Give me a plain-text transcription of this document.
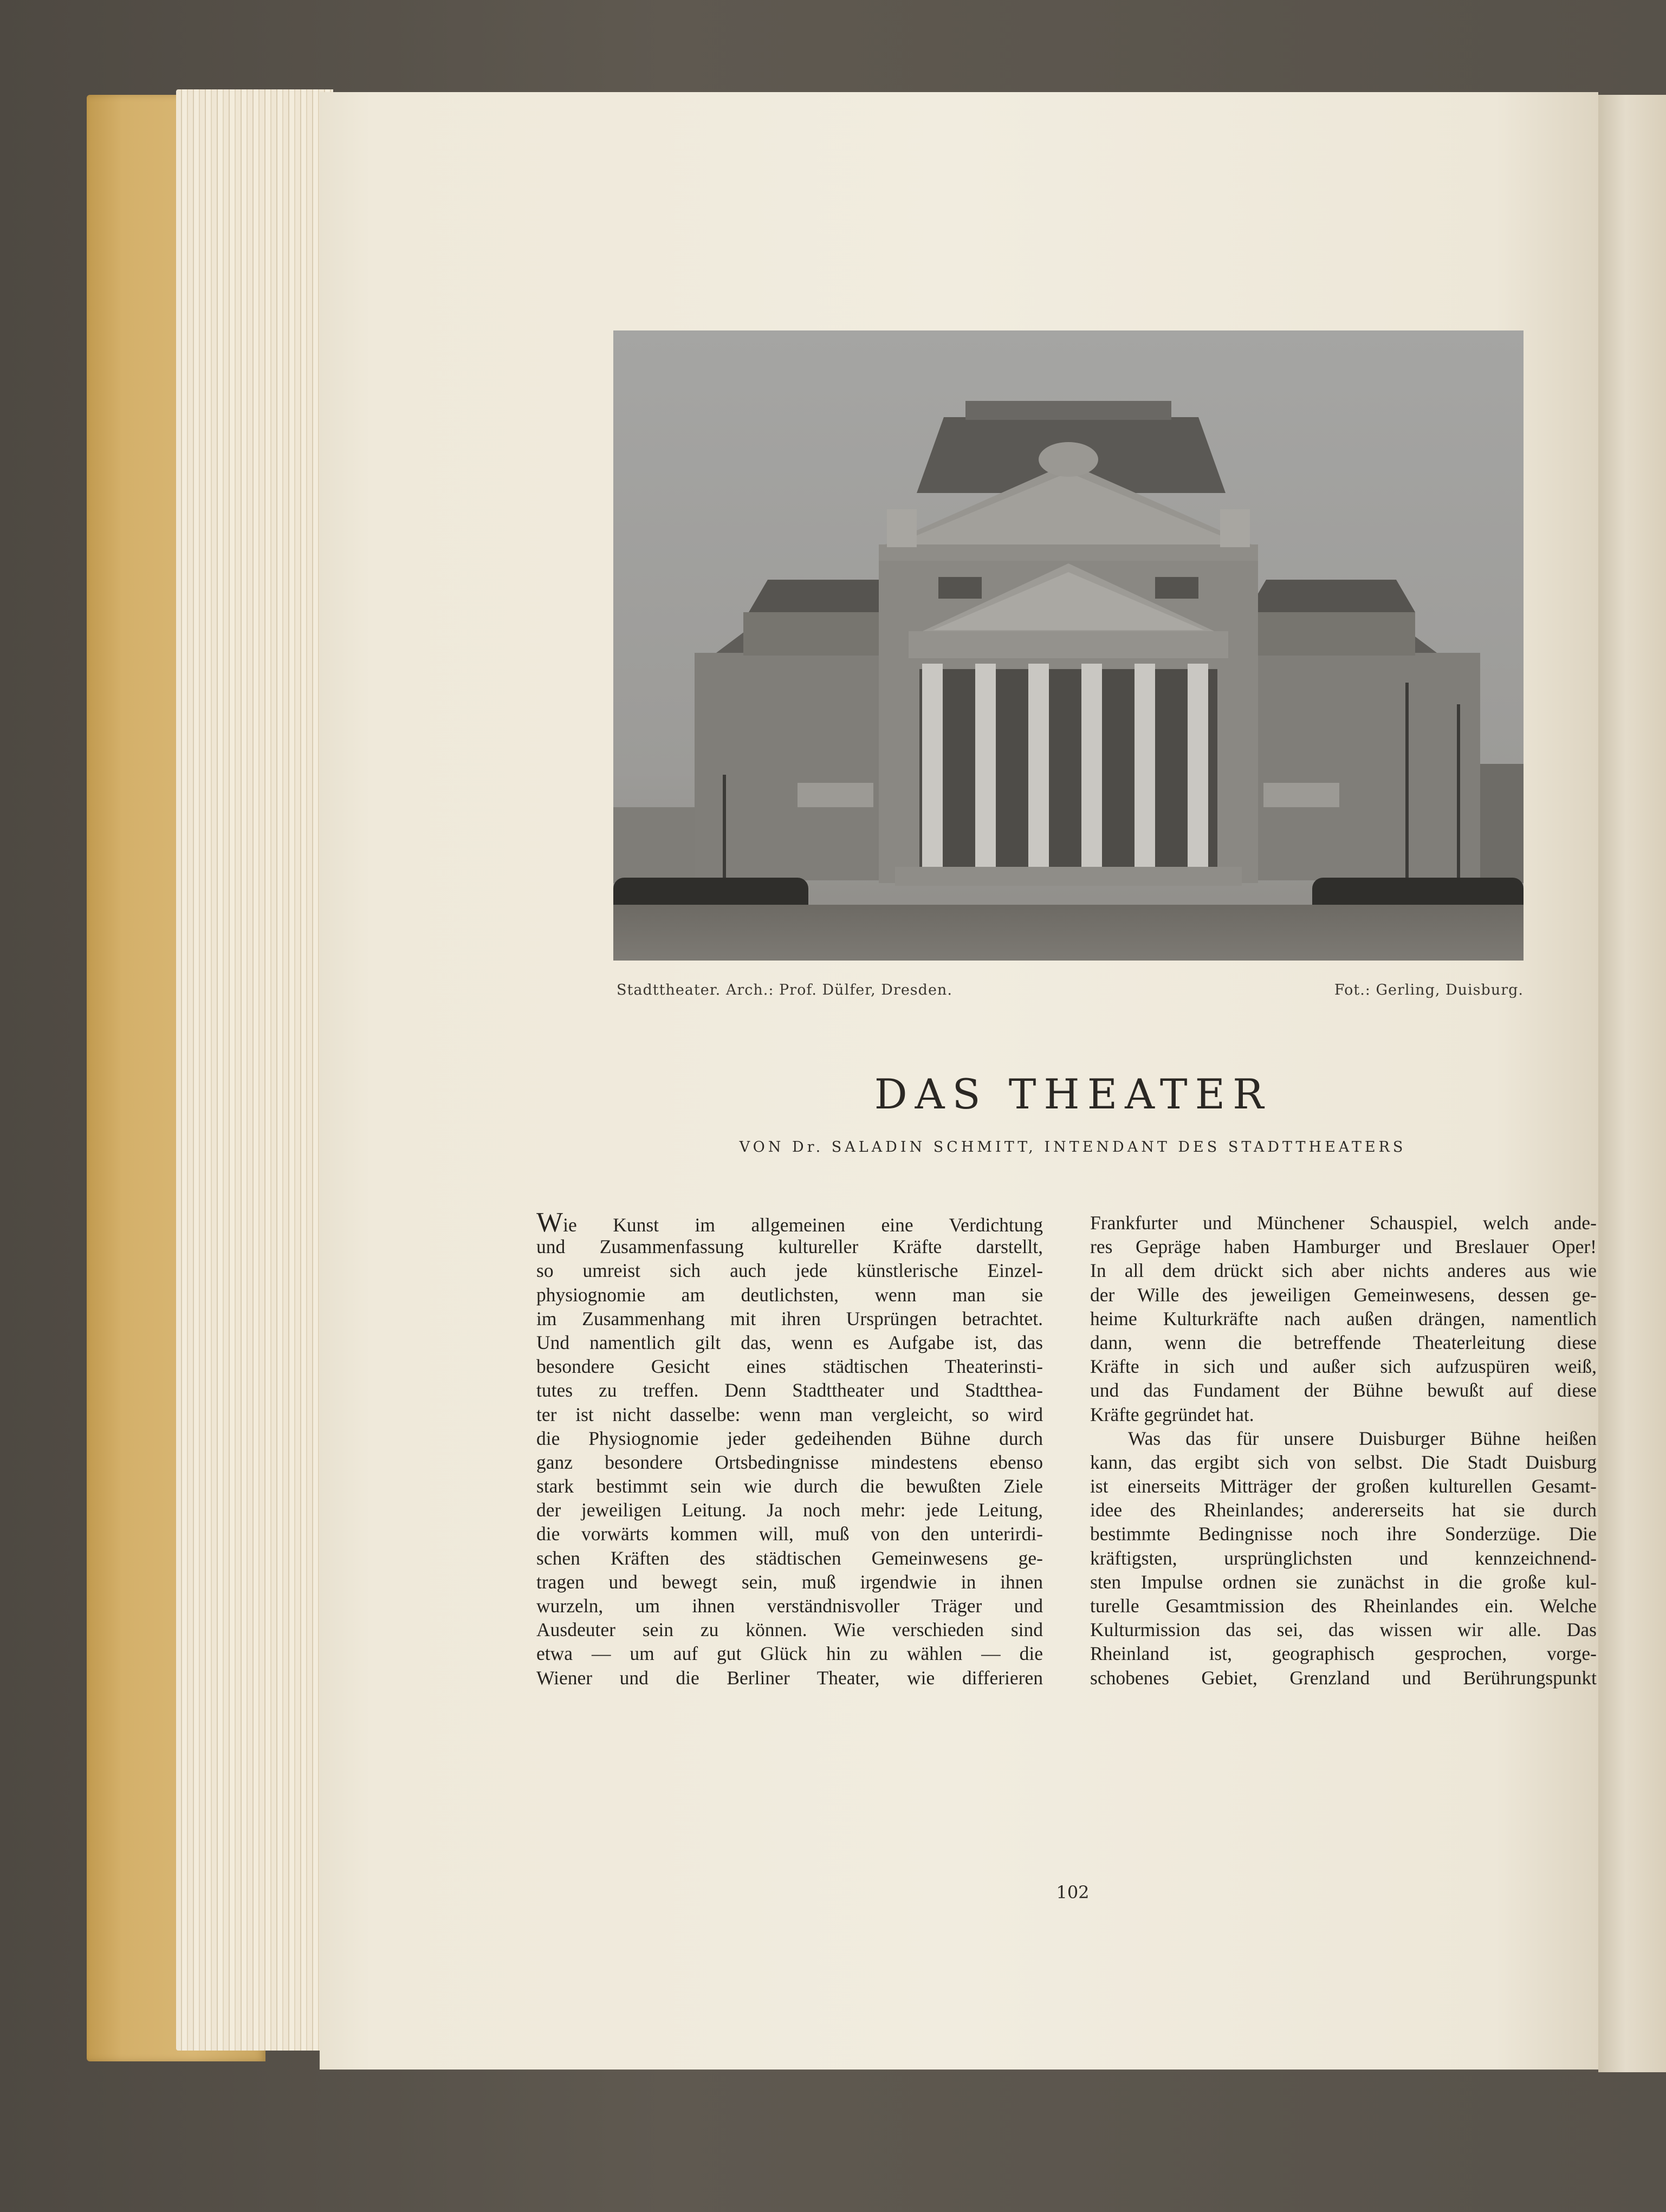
Stadttheater. Arch.: Prof. Dülfer, Dresden.	Fot.: Gerling, Duisburg.
DAS THEATER
VON Dr. SALADIN SCHMITT, INTENDANT DES STADTTHEATERS
Wie Kunst im allgemeinen eine Verdichtung
und Zusammenfassung kultureller Kräfte darstellt,
so umreist sich auch jede künstlerische Einzel-
physiognomie am deutlichsten, wenn man sie
im Zusammenhang mit ihren Ursprüngen betrachtet.
Und namentlich gilt das, wenn es Aufgabe ist, das
besondere Gesicht eines städtischen Theaterinsti-
tutes zu treffen. Denn Stadttheater und Stadtthea-
ter ist nicht dasselbe: wenn man vergleicht, so wird
die Physiognomie jeder gedeihenden Bühne durch
ganz besondere Ortsbedingnisse mindestens ebenso
stark bestimmt sein wie durch die bewußten Ziele
der jeweiligen Leitung. Ja noch mehr: jede Leitung,
die vorwärts kommen will, muß von den unterirdi-
schen Kräften des städtischen Gemeinwesens ge-
tragen und bewegt sein, muß irgendwie in ihnen
wurzeln, um ihnen verständnisvoller Träger und
Ausdeuter sein zu können. Wie verschieden sind
etwa — um auf gut Glück hin zu wählen — die
Wiener und die Berliner Theater, wie differieren
Frankfurter und Münchener Schauspiel, welch ande-
res Gepräge haben Hamburger und Breslauer Oper!
In all dem drückt sich aber nichts anderes aus wie
der Wille des jeweiligen Gemeinwesens, dessen ge-
heime Kulturkräfte nach außen drängen, namentlich
dann, wenn die betreffende Theaterleitung diese
Kräfte in sich und außer sich aufzuspüren weiß,
und das Fundament der Bühne bewußt auf diese
Kräfte gegründet hat.
Was das für unsere Duisburger Bühne heißen
kann, das ergibt sich von selbst. Die Stadt Duisburg
ist einerseits Mitträger der großen kulturellen Gesamt-
idee des Rheinlandes; andererseits hat sie durch
bestimmte Bedingnisse noch ihre Sonderzüge. Die
kräftigsten, ursprünglichsten und kennzeichnend-
sten Impulse ordnen sie zunächst in die große kul-
turelle Gesamtmission des Rheinlandes ein. Welche
Kulturmission das sei, das wissen wir alle. Das
Rheinland ist, geographisch gesprochen, vorge-
schobenes Gebiet, Grenzland und Berührungspunkt
102
